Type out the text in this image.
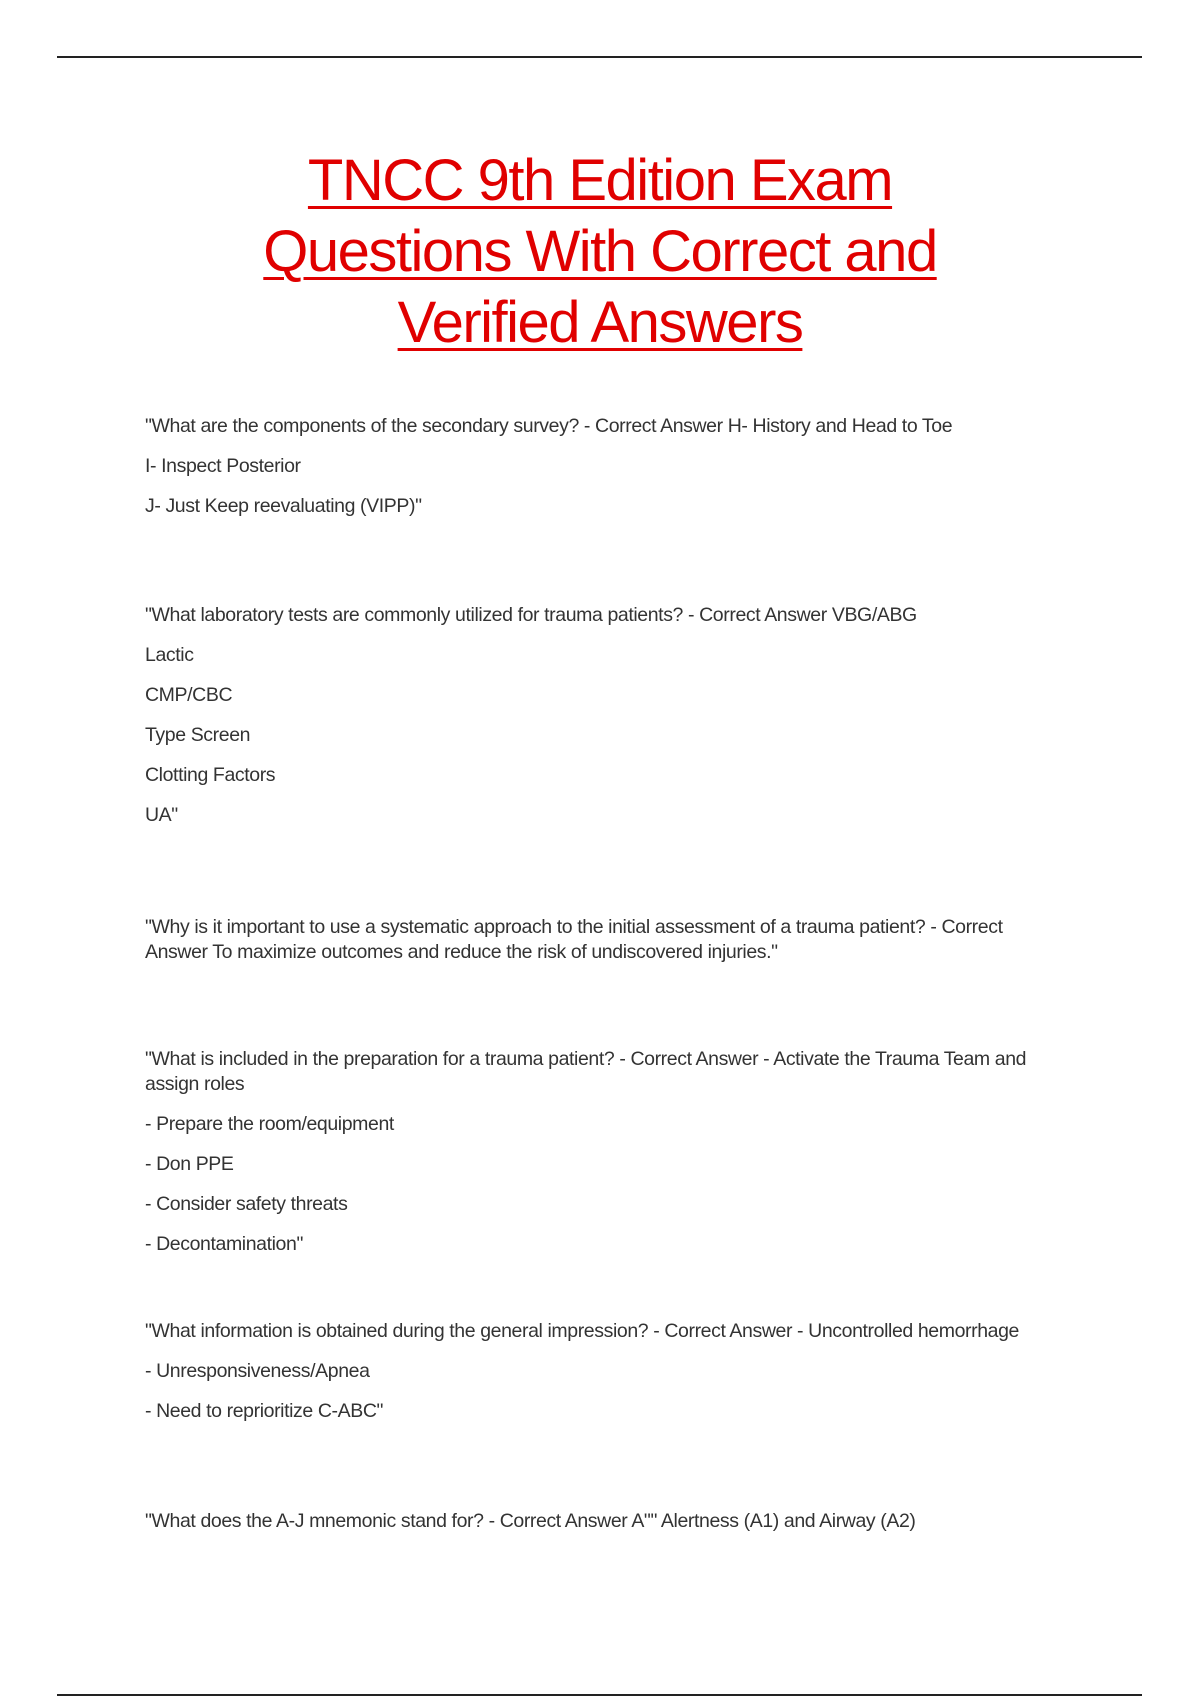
TNCC 9th Edition Exam
Questions With Correct and
Verified Answers

"What are the components of the secondary survey? - Correct Answer H- History and Head to Toe

I- Inspect Posterior

J- Just Keep reevaluating (VIPP)"

"What laboratory tests are commonly utilized for trauma patients? - Correct Answer VBG/ABG

Lactic

CMP/CBC

Type Screen

Clotting Factors

UA"

"Why is it important to use a systematic approach to the initial assessment of a trauma patient? - Correct Answer To maximize outcomes and reduce the risk of undiscovered injuries."

"What is included in the preparation for a trauma patient? - Correct Answer - Activate the Trauma Team and assign roles

- Prepare the room/equipment

- Don PPE

- Consider safety threats

- Decontamination"

"What information is obtained during the general impression? - Correct Answer - Uncontrolled hemorrhage

- Unresponsiveness/Apnea

- Need to reprioritize C-ABC"

"What does the A-J mnemonic stand for? - Correct Answer A"" Alertness (A1) and Airway (A2)
